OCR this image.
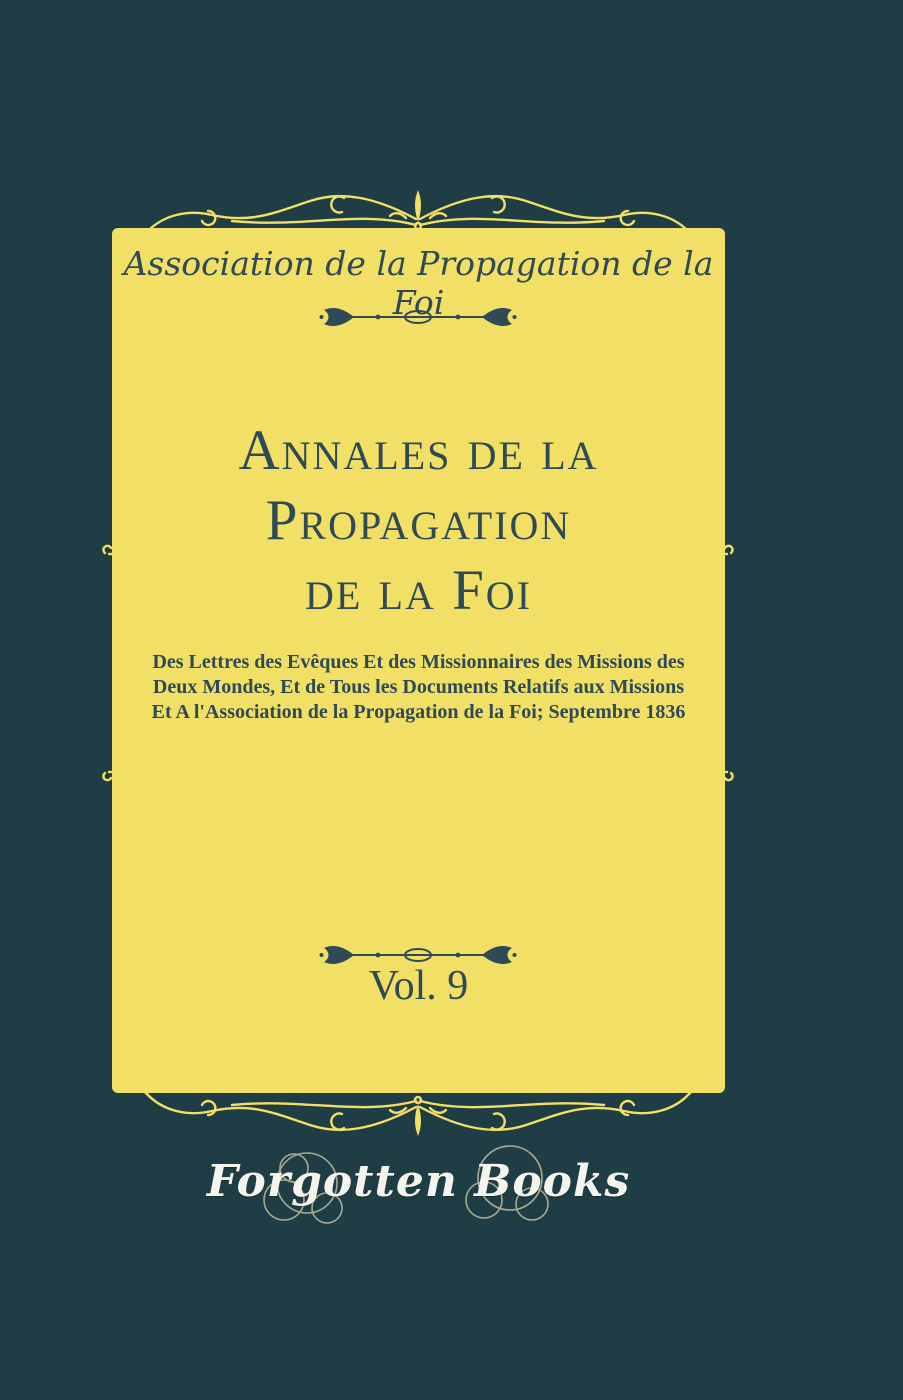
Association de la Propagation de la Foi
Annales de la
Propagation
de la Foi
Des Lettres des Evêques Et des Missionnaires des Missions des
Deux Mondes, Et de Tous les Documents Relatifs aux Missions
Et A l'Association de la Propagation de la Foi; Septembre 1836
Vol. 9
Forgotten Books
